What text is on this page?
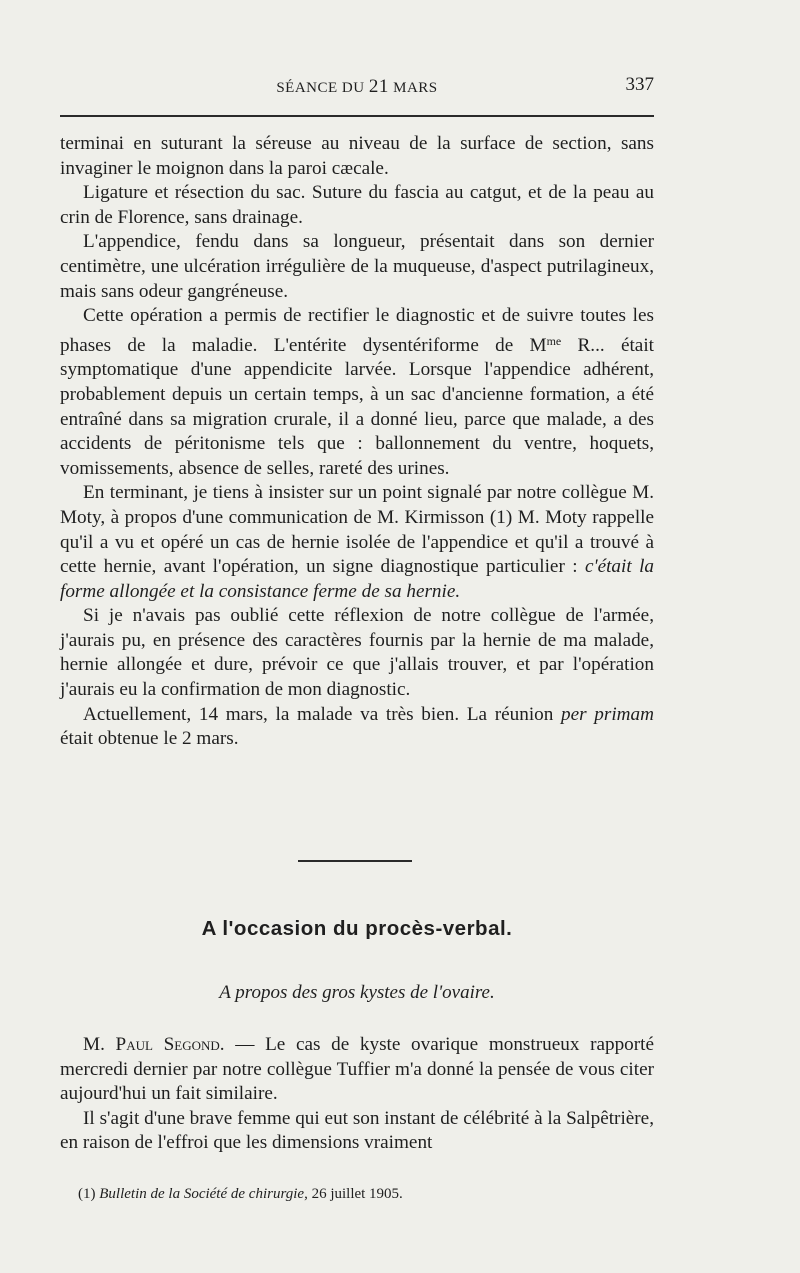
SÉANCE DU 21 MARS	337

terminai en suturant la séreuse au niveau de la surface de section, sans invaginer le moignon dans la paroi cæcale.

Ligature et résection du sac. Suture du fascia au catgut, et de la peau au crin de Florence, sans drainage.

L'appendice, fendu dans sa longueur, présentait dans son dernier centimètre, une ulcération irrégulière de la muqueuse, d'aspect putrilagineux, mais sans odeur gangréneuse.

Cette opération a permis de rectifier le diagnostic et de suivre toutes les phases de la maladie. L'entérite dysentériforme de $M^{me}$ R... était symptomatique d'une appendicite larvée. Lorsque l'appendice adhérent, probablement depuis un certain temps, à un sac d'ancienne formation, a été entraîné dans sa migration crurale, il a donné lieu, parce que malade, a des accidents de péritonisme tels que : ballonnement du ventre, hoquets, vomissements, absence de selles, rareté des urines.

En terminant, je tiens à insister sur un point signalé par notre collègue M. Moty, à propos d'une communication de M. Kirmisson (1) M. Moty rappelle qu'il a vu et opéré un cas de hernie isolée de l'appendice et qu'il a trouvé à cette hernie, avant l'opération, un signe diagnostique particulier : c'était la forme allongée et la consistance ferme de sa hernie.

Si je n'avais pas oublié cette réflexion de notre collègue de l'armée, j'aurais pu, en présence des caractères fournis par la hernie de ma malade, hernie allongée et dure, prévoir ce que j'allais trouver, et par l'opération j'aurais eu la confirmation de mon diagnostic.

Actuellement, 14 mars, la malade va très bien. La réunion per primam était obtenue le 2 mars.

A l'occasion du procès-verbal.
A propos des gros kystes de l'ovaire.

M. Paul Segond. — Le cas de kyste ovarique monstrueux rapporté mercredi dernier par notre collègue Tuffier m'a donné la pensée de vous citer aujourd'hui un fait similaire.

Il s'agit d'une brave femme qui eut son instant de célébrité à la Salpêtrière, en raison de l'effroi que les dimensions vraiment

(1) Bulletin de la Société de chirurgie, 26 juillet 1905.
